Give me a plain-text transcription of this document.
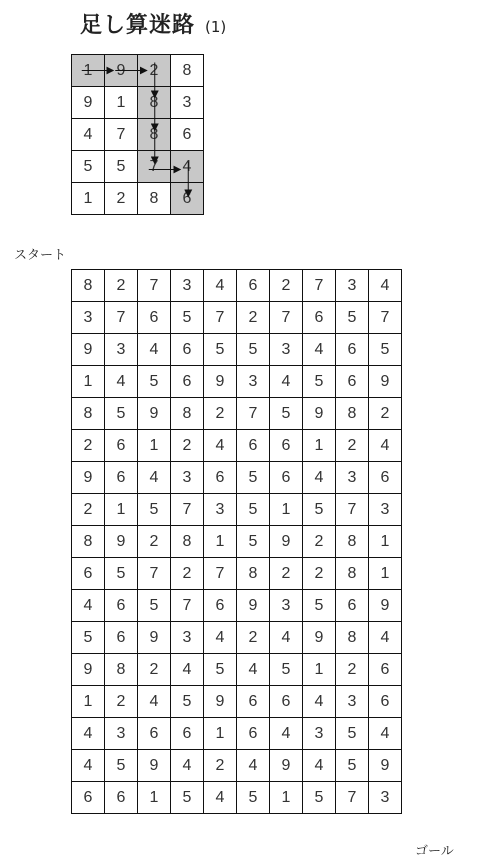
足し算迷路 (1)
1	9	2	8
9	1	8	3
4	7	8	6
5	5	7	4
1	2	8	6
スタート
8	2	7	3	4	6	2	7	3	4
3	7	6	5	7	2	7	6	5	7
9	3	4	6	5	5	3	4	6	5
1	4	5	6	9	3	4	5	6	9
8	5	9	8	2	7	5	9	8	2
2	6	1	2	4	6	6	1	2	4
9	6	4	3	6	5	6	4	3	6
2	1	5	7	3	5	1	5	7	3
8	9	2	8	1	5	9	2	8	1
6	5	7	2	7	8	2	2	8	1
4	6	5	7	6	9	3	5	6	9
5	6	9	3	4	2	4	9	8	4
9	8	2	4	5	4	5	1	2	6
1	2	4	5	9	6	6	4	3	6
4	3	6	6	1	6	4	3	5	4
4	5	9	4	2	4	9	4	5	9
6	6	1	5	4	5	1	5	7	3
ゴール
